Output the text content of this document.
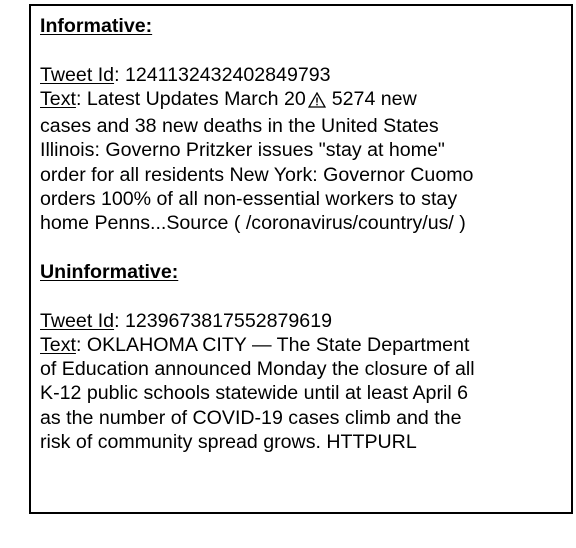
Informative:

Tweet Id: 1241132432402849793

Text: Latest Updates March 20 5274 new

cases and 38 new deaths in the United States

Illinois: Governo Pritzker issues "stay at home"

order for all residents New York: Governor Cuomo

orders 100% of all non-essential workers to stay

home Penns...Source ( /coronavirus/country/us/ )

Uninformative:

Tweet Id: 1239673817552879619

Text: OKLAHOMA CITY — The State Department

of Education announced Monday the closure of all

K-12 public schools statewide until at least April 6

as the number of COVID-19 cases climb and the

risk of community spread grows. HTTPURL
